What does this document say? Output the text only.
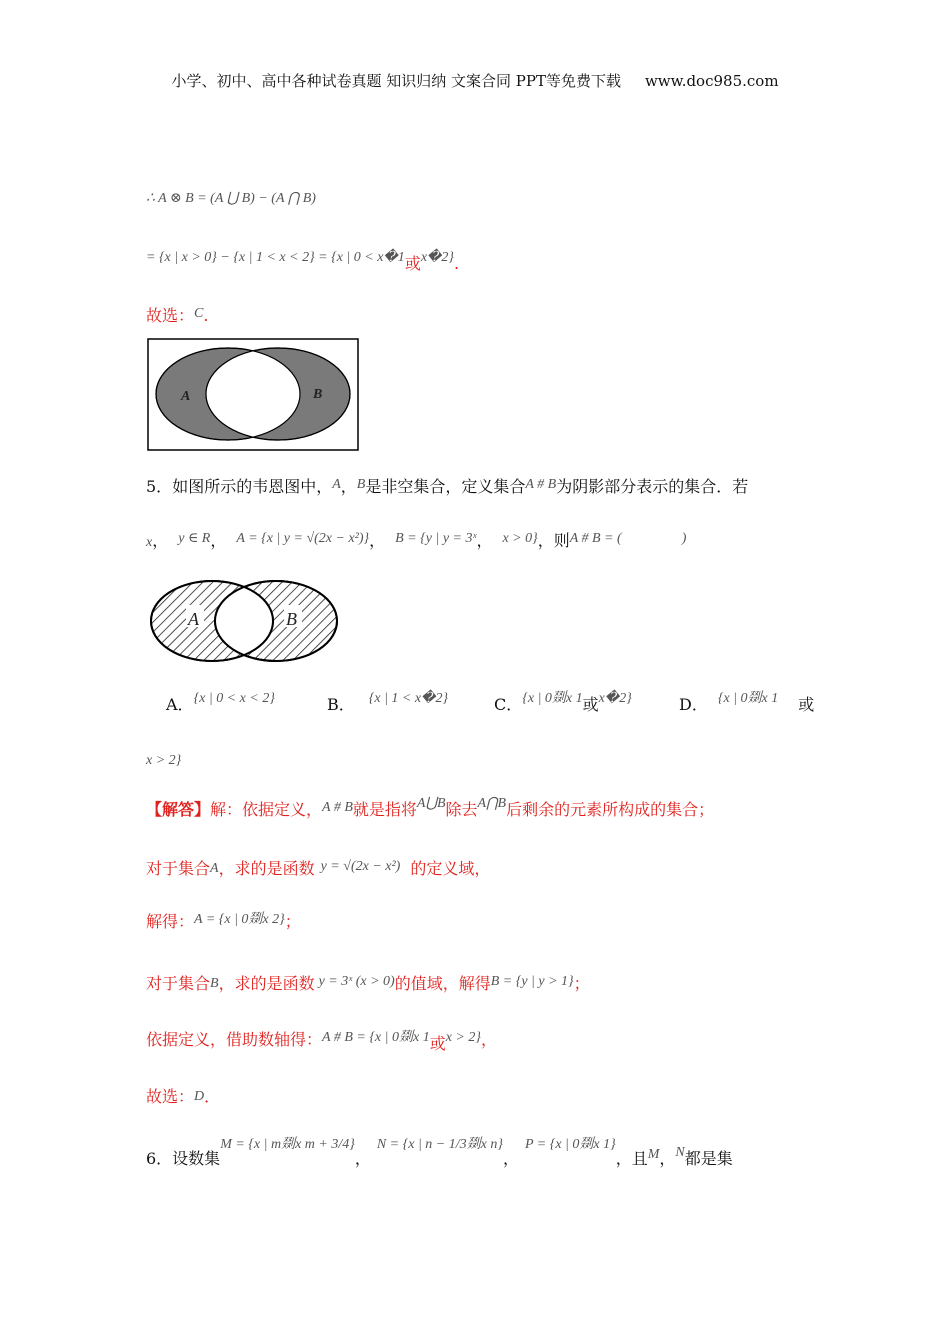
小学、初中、高中各种试卷真题 知识归纳 文案合同 PPT等免费下载 www.doc985.com
∴ A ⊗ B = (A ⋃ B) − (A ⋂ B)
= {x | x > 0} − {x | 1 < x < 2} = {x | 0 < x�1或x�2}.
故选：C.
A	B
5．如图所示的韦恩图中，A，B是非空集合，定义集合A # B为阴影部分表示的集合．若
x， y ∈ R， A = {x | y = √(2x − x²)}， B = {y | y = 3ˣ， x > 0}，则A # B = (	)
A	B
A．{x | 0 < x < 2}	B． {x | 1 < x�2}	C．{x | 0剟x 1或x�2}	D． {x | 0剟x 1 或
x > 2}
【解答】解：依据定义，A # B就是指将A⋃B除去A⋂B后剩余的元素所构成的集合；
对于集合A，求的是函数 y = √(2x − x²) 的定义域，
解得：A = {x | 0剟x 2}；
对于集合B，求的是函数 y = 3ˣ (x > 0)的值域，解得B = {y | y > 1}；
依据定义，借助数轴得：A # B = {x | 0剟x 1或x > 2}，
故选：D．
6．设数集M = {x | m剟x m + 3/4}，N = {x | n − 1/3剟x n}，P = {x | 0剟x 1}，且M，N都是集
